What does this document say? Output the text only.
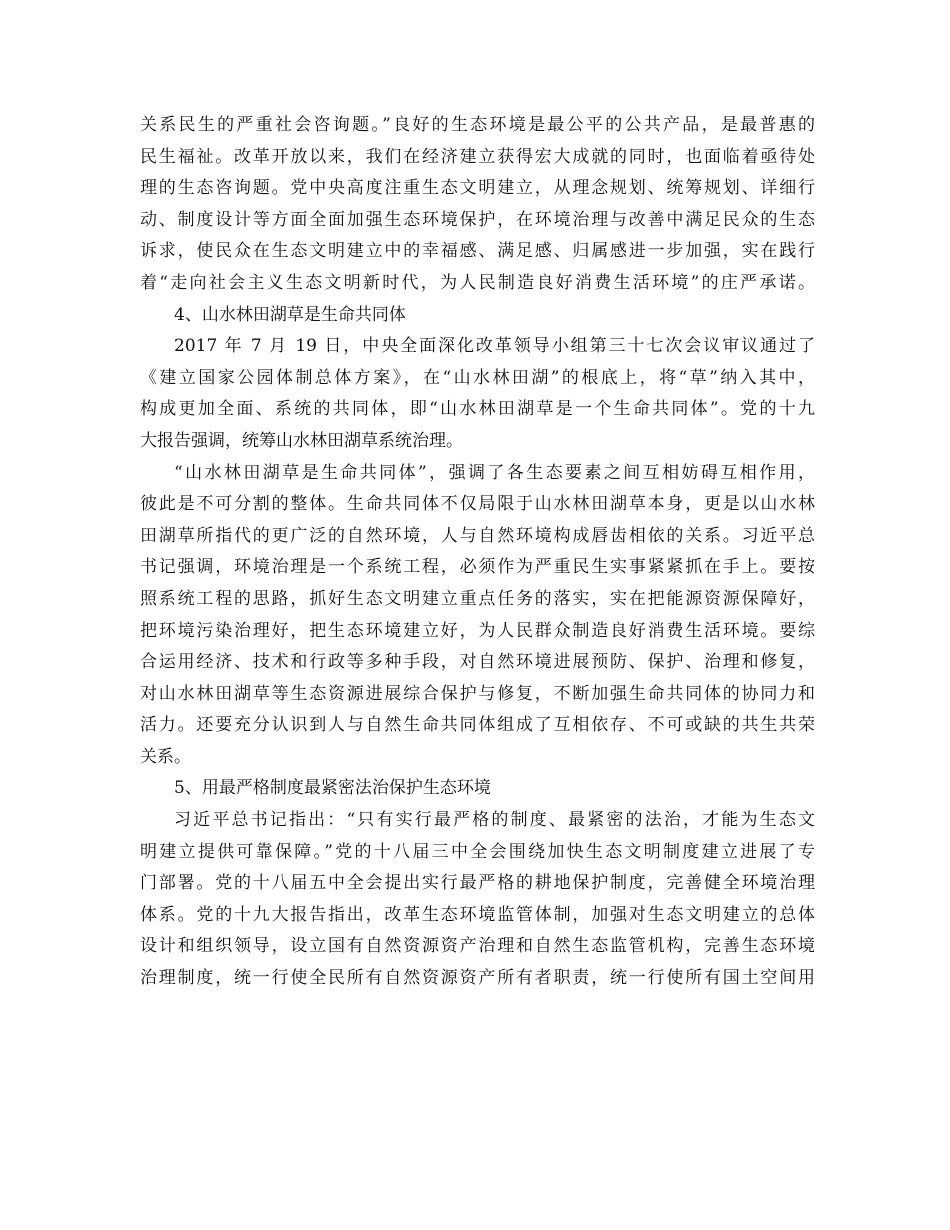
关系民生的严重社会咨询题。”良好的生态环境是最公平的公共产品，是最普惠的
民生福祉。改革开放以来，我们在经济建立获得宏大成就的同时，也面临着亟待处
理的生态咨询题。党中央高度注重生态文明建立，从理念规划、统筹规划、详细行
动、制度设计等方面全面加强生态环境保护，在环境治理与改善中满足民众的生态
诉求，使民众在生态文明建立中的幸福感、满足感、归属感进一步加强，实在践行
着“走向社会主义生态文明新时代，为人民制造良好消费生活环境”的庄严承诺。
4、山水林田湖草是生命共同体
2017 年 7 月 19 日，中央全面深化改革领导小组第三十七次会议审议通过了
《建立国家公园体制总体方案》，在“山水林田湖”的根底上，将“草”纳入其中，
构成更加全面、系统的共同体，即“山水林田湖草是一个生命共同体”。党的十九
大报告强调，统筹山水林田湖草系统治理。
“山水林田湖草是生命共同体”，强调了各生态要素之间互相妨碍互相作用，
彼此是不可分割的整体。生命共同体不仅局限于山水林田湖草本身，更是以山水林
田湖草所指代的更广泛的自然环境，人与自然环境构成唇齿相依的关系。习近平总
书记强调，环境治理是一个系统工程，必须作为严重民生实事紧紧抓在手上。要按
照系统工程的思路，抓好生态文明建立重点任务的落实，实在把能源资源保障好，
把环境污染治理好，把生态环境建立好，为人民群众制造良好消费生活环境。要综
合运用经济、技术和行政等多种手段，对自然环境进展预防、保护、治理和修复，
对山水林田湖草等生态资源进展综合保护与修复，不断加强生命共同体的协同力和
活力。还要充分认识到人与自然生命共同体组成了互相依存、不可或缺的共生共荣
关系。
5、用最严格制度最紧密法治保护生态环境
习近平总书记指出：“只有实行最严格的制度、最紧密的法治，才能为生态文
明建立提供可靠保障。”党的十八届三中全会围绕加快生态文明制度建立进展了专
门部署。党的十八届五中全会提出实行最严格的耕地保护制度，完善健全环境治理
体系。党的十九大报告指出，改革生态环境监管体制，加强对生态文明建立的总体
设计和组织领导，设立国有自然资源资产治理和自然生态监管机构，完善生态环境
治理制度，统一行使全民所有自然资源资产所有者职责，统一行使所有国土空间用
